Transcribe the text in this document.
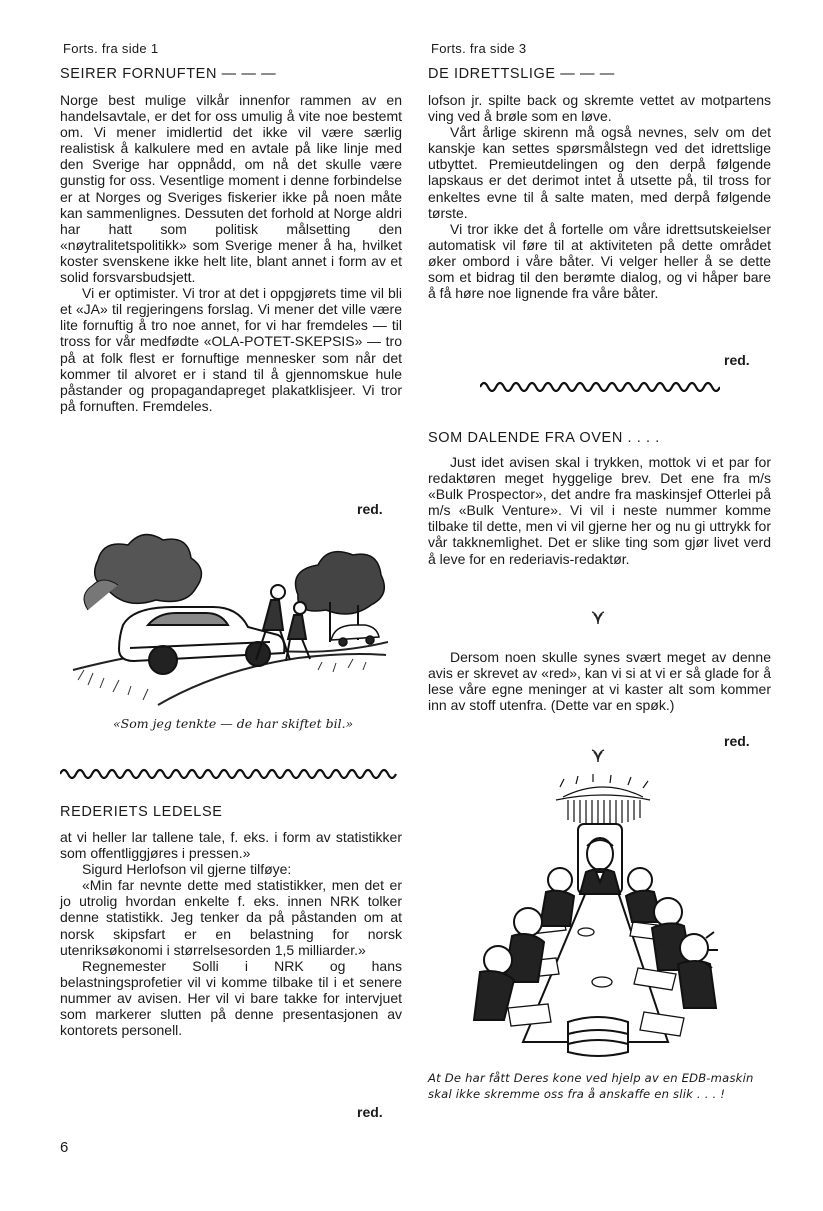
Forts. fra side 1
SEIRER FORNUFTEN — — —

Norge best mulige vilkår innenfor rammen av en handelsavtale, er det for oss umulig å vite noe bestemt om. Vi mener imidlertid det ikke vil være særlig realistisk å kalkulere med en avtale på like linje med den Sverige har oppnådd, om nå det skulle være gunstig for oss. Vesentlige moment i denne forbindelse er at Norges og Sveriges fiskerier ikke på noen måte kan sammenlignes. Dessuten det forhold at Norge aldri har hatt som politisk målsetting den «nøytralitetspolitikk» som Sverige mener å ha, hvilket koster svenskene ikke helt lite, blant annet i form av et solid forsvarsbudsjett.

Vi er optimister. Vi tror at det i oppgjørets time vil bli et «JA» til regjeringens forslag. Vi mener det ville være lite fornuftig å tro noe annet, for vi har fremdeles — til tross for vår medfødte «OLA-POTET-SKEPSIS» — tro på at folk flest er fornuftige mennesker som når det kommer til alvoret er i stand til å gjennomskue hule påstander og propagandapreget plakatklisjeer. Vi tror på fornuften. Fremdeles.

red.
«Som jeg tenkte — de har skiftet bil.»
REDERIETS LEDELSE

at vi heller lar tallene tale, f. eks. i form av statistikker som offentliggjøres i pressen.»

Sigurd Herlofson vil gjerne tilføye:

«Min far nevnte dette med statistikker, men det er jo utrolig hvordan enkelte f. eks. innen NRK tolker denne statistikk. Jeg tenker da på påstanden om at norsk skipsfart er en belastning for norsk utenriksøkonomi i størrelsesorden 1,5 milliarder.»

Regnemester Solli i NRK og hans belastningsprofetier vil vi komme tilbake til i et senere nummer av avisen. Her vil vi bare takke for intervjuet som markerer slutten på denne presentasjonen av kontorets personell.

red.
Forts. fra side 3
DE IDRETTSLIGE — — —

lofson jr. spilte back og skremte vettet av motpartens ving ved å brøle som en løve.

Vårt årlige skirenn må også nevnes, selv om det kanskje kan settes spørsmålstegn ved det idrettslige utbyttet. Premieutdelingen og den derpå følgende lapskaus er det derimot intet å utsette på, til tross for enkeltes evne til å salte maten, med derpå følgende tørste.

Vi tror ikke det å fortelle om våre idrettsutskeielser automatisk vil føre til at aktiviteten på dette området øker ombord i våre båter. Vi velger heller å se dette som et bidrag til den berømte dialog, og vi håper bare å få høre noe lignende fra våre båter.

red.
SOM DALENDE FRA OVEN . . . .

Just idet avisen skal i trykken, mottok vi et par for redaktøren meget hyggelige brev. Det ene fra m/s «Bulk Prospector», det andre fra maskinsjef Otterlei på m/s «Bulk Venture». Vi vil i neste nummer komme tilbake til dette, men vi vil gjerne her og nu gi uttrykk for vår takknemlighet. Det er slike ting som gjør livet verd å leve for en rederiavis-redaktør.

Dersom noen skulle synes svært meget av denne avis er skrevet av «red», kan vi si at vi er så glade for å lese våre egne meninger at vi kaster alt som kommer inn av stoff utenfra. (Dette var en spøk.)

red.
At De har fått Deres kone ved hjelp av en EDB-maskin skal ikke skremme oss fra å anskaffe en slik . . . !
6
